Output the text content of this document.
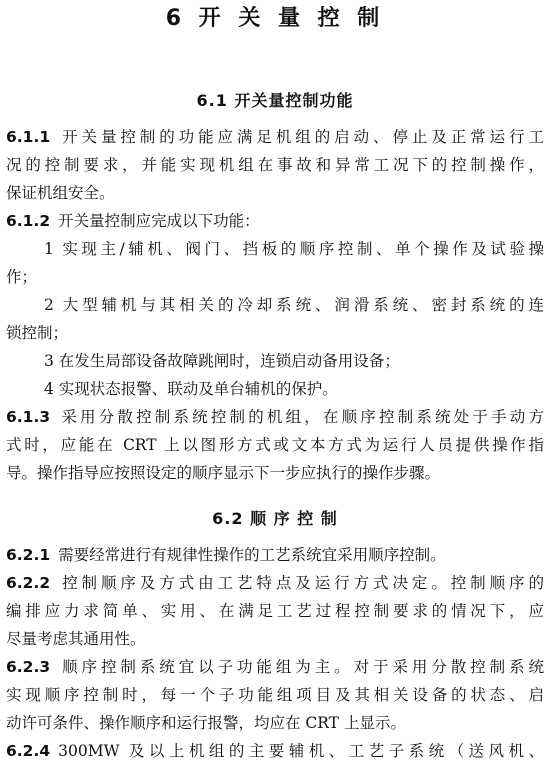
6 开 关 量 控 制
6.1 开关量控制功能

6.1.1 开关量控制的功能应满足机组的启动、停止及正常运行工

况的控制要求，并能实现机组在事故和异常工况下的控制操作，

保证机组安全。

6.1.2 开关量控制应完成以下功能：

1 实现主/辅机、阀门、挡板的顺序控制、单个操作及试验操

作；

2 大型辅机与其相关的冷却系统、润滑系统、密封系统的连

锁控制；

3 在发生局部设备故障跳闸时，连锁启动备用设备；

4 实现状态报警、联动及单台辅机的保护。

6.1.3 采用分散控制系统控制的机组，在顺序控制系统处于手动方

式时，应能在 CRT 上以图形方式或文本方式为运行人员提供操作指

导。操作指导应按照设定的顺序显示下一步应执行的操作步骤。

6.2 顺 序 控 制

6.2.1 需要经常进行有规律性操作的工艺系统宜采用顺序控制。

6.2.2 控制顺序及方式由工艺特点及运行方式决定。控制顺序的

编排应力求简单、实用、在满足工艺过程控制要求的情况下，应

尽量考虑其通用性。

6.2.3 顺序控制系统宜以子功能组为主。对于采用分散控制系统

实现顺序控制时，每一个子功能组项目及其相关设备的状态、启

动许可条件、操作顺序和运行报警，均应在 CRT 上显示。

6.2.4 300MW 及以上机组的主要辅机、工艺子系统（送风机、
